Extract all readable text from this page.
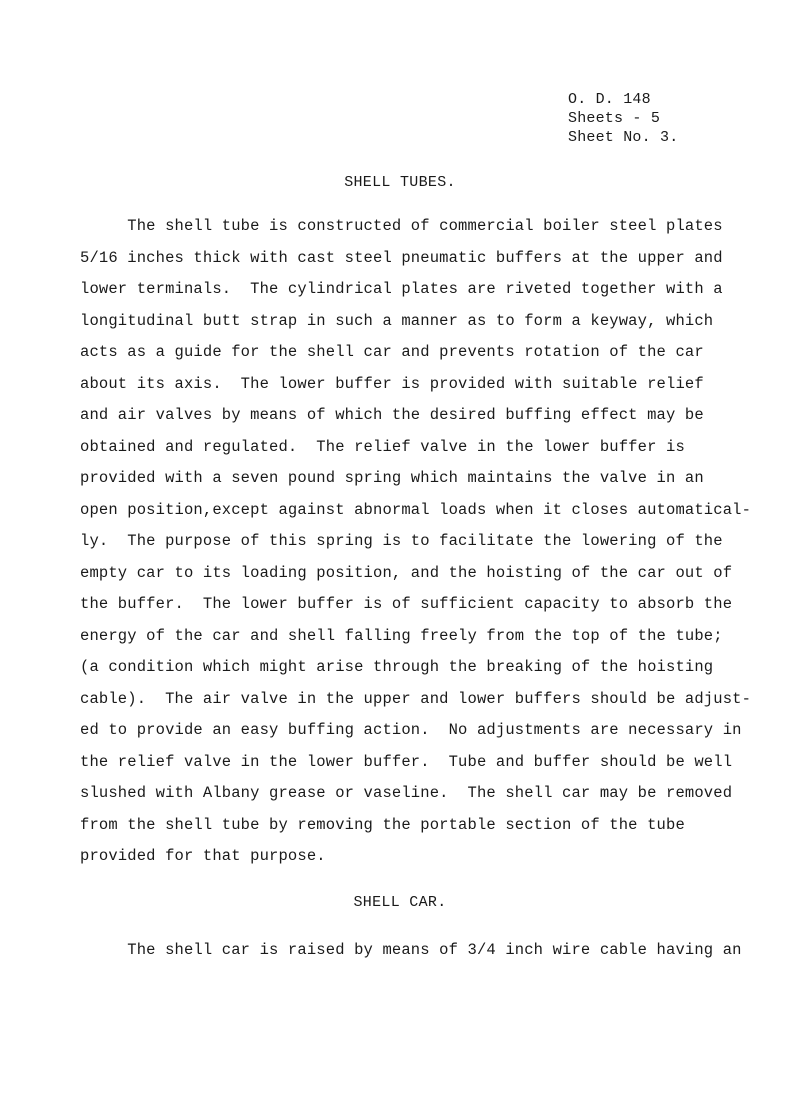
O. D. 148
Sheets - 5
Sheet No. 3.
SHELL TUBES.
The shell tube is constructed of commercial boiler steel plates
5/16 inches thick with cast steel pneumatic buffers at the upper and
lower terminals.  The cylindrical plates are riveted together with a
longitudinal butt strap in such a manner as to form a keyway, which
acts as a guide for the shell car and prevents rotation of the car
about its axis.  The lower buffer is provided with suitable relief
and air valves by means of which the desired buffing effect may be
obtained and regulated.  The relief valve in the lower buffer is
provided with a seven pound spring which maintains the valve in an
open position,except against abnormal loads when it closes automatical-
ly.  The purpose of this spring is to facilitate the lowering of the
empty car to its loading position, and the hoisting of the car out of
the buffer.  The lower buffer is of sufficient capacity to absorb the
energy of the car and shell falling freely from the top of the tube;
(a condition which might arise through the breaking of the hoisting
cable).  The air valve in the upper and lower buffers should be adjust-
ed to provide an easy buffing action.  No adjustments are necessary in
the relief valve in the lower buffer.  Tube and buffer should be well
slushed with Albany grease or vaseline.  The shell car may be removed
from the shell tube by removing the portable section of the tube
provided for that purpose.
SHELL CAR.
The shell car is raised by means of 3/4 inch wire cable having an
